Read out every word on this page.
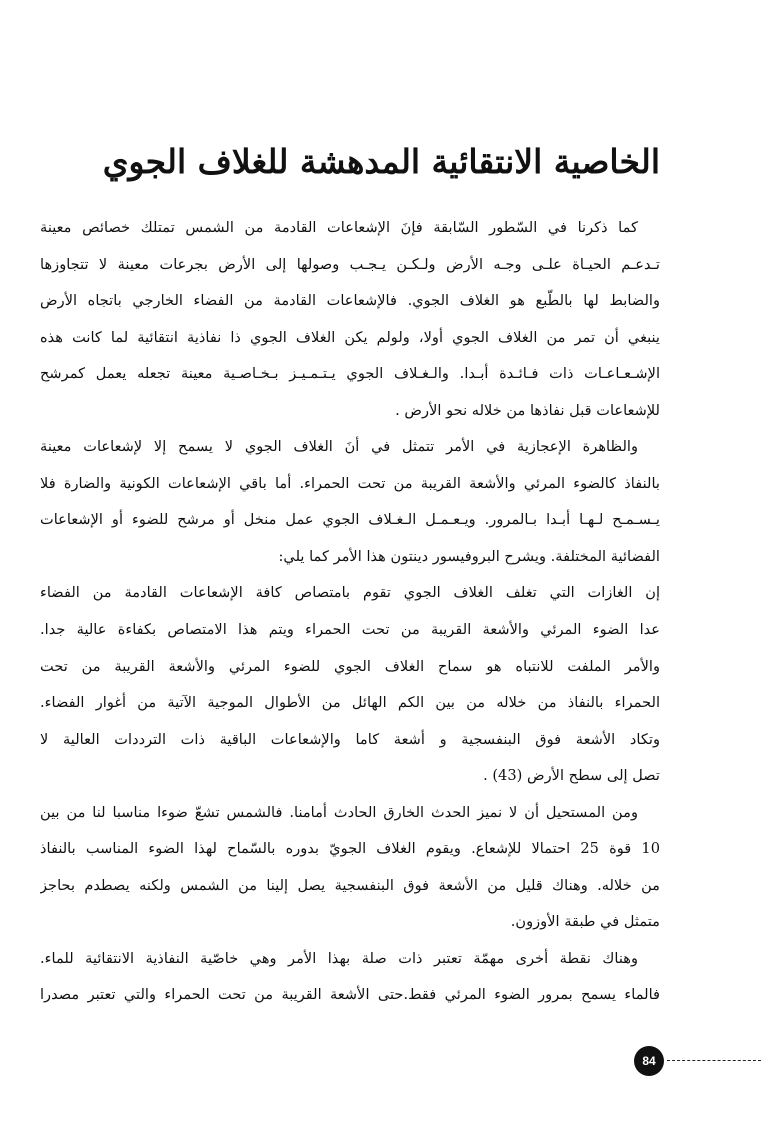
الخاصية الانتقائية المدهشة للغلاف الجوي
كما ذكرنا في السّطور السّابقة فإنَ الإشعاعات القادمة من الشمس تمتلك خصائص معينة
تـدعـم الحيـاة علـى وجـه الأرض ولـكـن يـجـب وصولها إلى الأرض بجرعات معينة لا تتجاوزها
والضابط لها بالطّبع هو الغلاف الجوي. فالإشعاعات القادمة من الفضاء الخارجي باتجاه الأرض
ينبغي أن تمر من الغلاف الجوي أولا، ولولم يكن الغلاف الجوي ذا نفاذية انتقائية لما كانت هذه
الإشـعـاعـات ذات فـائـدة أبـدا. والـغـلاف الجوي يـتـمـيـز بـخـاصـية معينة تجعله يعمل كمرشح
للإشعاعات قبل نفاذها من خلاله نحو الأرض .
والظاهرة الإعجازية في الأمر تتمثل في أنَ الغلاف الجوي لا يسمح إلا لإشعاعات معينة
بالنفاذ كالضوء المرئي والأشعة القريبة من تحت الحمراء. أما باقي الإشعاعات الكونية والضارة فلا
يـسـمـح لـهـا أبـدا بـالمرور. ويـعـمـل الـغـلاف الجوي عمل منخل أو مرشح للضوء أو الإشعاعات
الفضائية المختلفة. ويشرح البروفيسور دينتون هذا الأمر كما يلي:
إن الغازات التي تغلف الغلاف الجوي تقوم بامتصاص كافة الإشعاعات القادمة من الفضاء
عدا الضوء المرئي والأشعة القريبة من تحت الحمراء ويتم هذا الامتصاص بكفاءة عالية جدا.
والأمر الملفت للانتباه هو سماح الغلاف الجوي للضوء المرئي والأشعة القريبة من تحت
الحمراء بالنفاذ من خلاله من بين الكم الهائل من الأطوال الموجية الآتية من أغوار الفضاء.
وتكاد الأشعة فوق البنفسجية و أشعة كاما والإشعاعات الباقية ذات الترددات العالية لا
تصل إلى سطح الأرض (43) .
ومن المستحيل أن لا نميز الحدث الخارق الحادث أمامنا. فالشمس تشعّ ضوءا مناسبا لنا من بين
10 قوة 25 احتمالا للإشعاع. ويقوم الغلاف الجويّ بدوره بالسّماح لهذا الضوء المناسب بالنفاذ
من خلاله. وهناك قليل من الأشعة فوق البنفسجية يصل إلينا من الشمس ولكنه يصطدم بحاجز
متمثل في طبقة الأوزون.
وهناك نقطة أخرى مهمّة تعتبر ذات صلة بهذا الأمر وهي خاصّية النفاذية الانتقائية للماء.
فالماء يسمح بمرور الضوء المرئي فقط.حتى الأشعة القريبة من تحت الحمراء والتي تعتبر مصدرا
84
